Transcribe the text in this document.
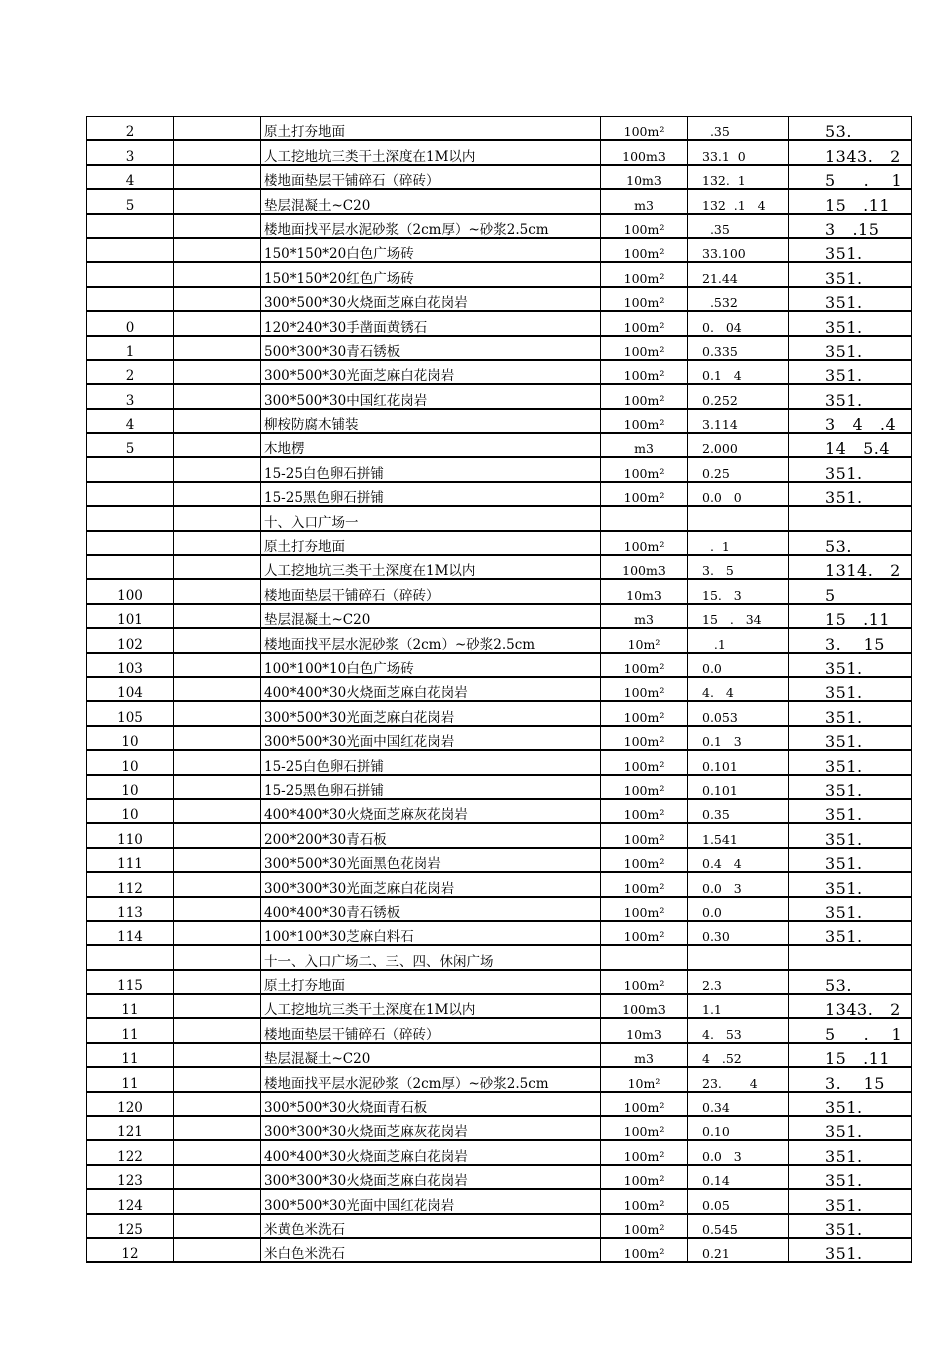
2		原土打夯地面	100m²	.35	53.
3		人工挖地坑三类干土深度在1M以内	100m3	33.1  0	1343.   2
4		楼地面垫层干铺碎石（碎砖）	10m3	132.  1	5     .    1
5		垫层混凝土~C20	m3	132  .1   4	15   .11
		楼地面找平层水泥砂浆（2cm厚）~砂浆2.5cm	100m²	.35	3   .15
		150*150*20白色广场砖	100m²	33.100	351.
		150*150*20红色广场砖	100m²	21.44	351.
		300*500*30火烧面芝麻白花岗岩	100m²	.532	351.
0		120*240*30手凿面黄锈石	100m²	0.   04	351.
1		500*300*30青石锈板	100m²	0.335	351.
2		300*500*30光面芝麻白花岗岩	100m²	0.1   4	351.
3		300*500*30中国红花岗岩	100m²	0.252	351.
4		柳桉防腐木铺装	100m²	3.114	3   4   .4
5		木地楞	m3	2.000	14   5.4
		15-25白色卵石拼铺	100m²	0.25	351.
		15-25黑色卵石拼铺	100m²	0.0   0	351.
		十、入口广场一			
		原土打夯地面	100m²	.  1	53.
		人工挖地坑三类干土深度在1M以内	100m3	3.   5	1314.   2
100		楼地面垫层干铺碎石（碎砖）	10m3	15.   3	5
101		垫层混凝土~C20	m3	15   .   34	15   .11
102		楼地面找平层水泥砂浆（2cm）~砂浆2.5cm	10m²	.1	3.    15
103		100*100*10白色广场砖	100m²	0.0	351.
104		400*400*30火烧面芝麻白花岗岩	100m²	4.   4	351.
105		300*500*30光面芝麻白花岗岩	100m²	0.053	351.
10		300*500*30光面中国红花岗岩	100m²	0.1   3	351.
10		15-25白色卵石拼铺	100m²	0.101	351.
10		15-25黑色卵石拼铺	100m²	0.101	351.
10		400*400*30火烧面芝麻灰花岗岩	100m²	0.35	351.
110		200*200*30青石板	100m²	1.541	351.
111		300*500*30光面黑色花岗岩	100m²	0.4   4	351.
112		300*300*30光面芝麻白花岗岩	100m²	0.0   3	351.
113		400*400*30青石锈板	100m²	0.0	351.
114		100*100*30芝麻白料石	100m²	0.30	351.
		十一、入口广场二、三、四、休闲广场			
115		原土打夯地面	100m²	2.3	53.
11		人工挖地坑三类干土深度在1M以内	100m3	1.1	1343.   2
11		楼地面垫层干铺碎石（碎砖）	10m3	4.   53	5     .    1
11		垫层混凝土~C20	m3	4   .52	15   .11
11		楼地面找平层水泥砂浆（2cm厚）~砂浆2.5cm	10m²	23.       4	3.    15
120		300*500*30火烧面青石板	100m²	0.34	351.
121		300*300*30火烧面芝麻灰花岗岩	100m²	0.10	351.
122		400*400*30火烧面芝麻白花岗岩	100m²	0.0   3	351.
123		300*300*30火烧面芝麻白花岗岩	100m²	0.14	351.
124		300*500*30光面中国红花岗岩	100m²	0.05	351.
125		米黄色米洗石	100m²	0.545	351.
12		米白色米洗石	100m²	0.21	351.
